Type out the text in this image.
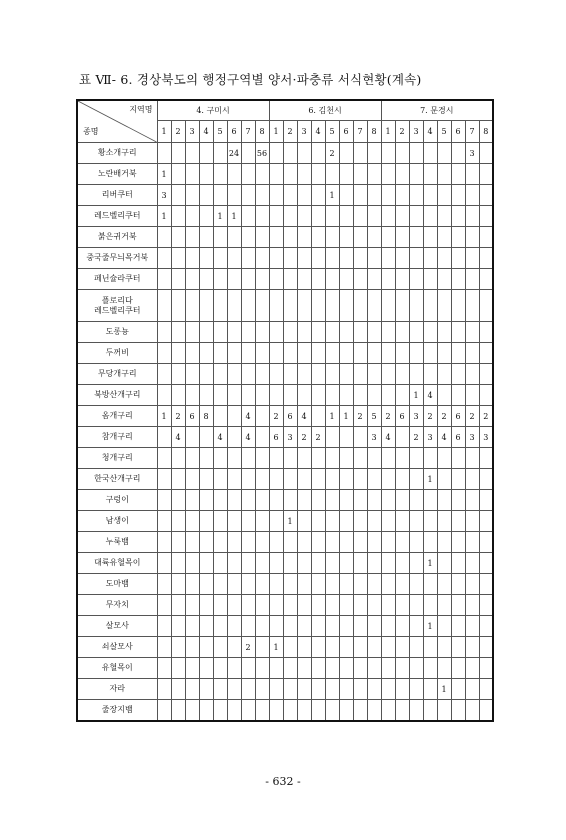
표 Ⅶ- 6. 경상북도의 행정구역별 양서·파충류 서식현황(계속)
지역명
종명	4. 구미시								6. 김천시								7. 문경시							
	1	2	3	4	5	6	7	8	1	2	3	4	5	6	7	8	1	2	3	4	5	6	7	8
황소개구리						24		56					2										3	
노란배거북	1																							
리버쿠터	3												1											
레드벨리쿠터	1				1	1																		
붉은귀거북																								
중국줄무늬목거북																								
페닌슐라쿠터																								

플로리다
레드벨리쿠터																								

도롱뇽																								
두꺼비																								
무당개구리																								
북방산개구리																			1	4				
옴개구리	1	2	6	8			4		2	6	4		1	1	2	5	2	6	3	2	2	6	2	2
참개구리		4			4		4		6	3	2	2				3	4		2	3	4	6	3	3
청개구리																								
한국산개구리																				1				
구렁이																								
남생이										1														
누룩뱀																								
대륙유혈목이																				1				
도마뱀																								
무자치																								
살모사																				1				
쇠살모사							2		1															
유혈목이																								
자라																					1			
줄장지뱀																								
- 632 -
